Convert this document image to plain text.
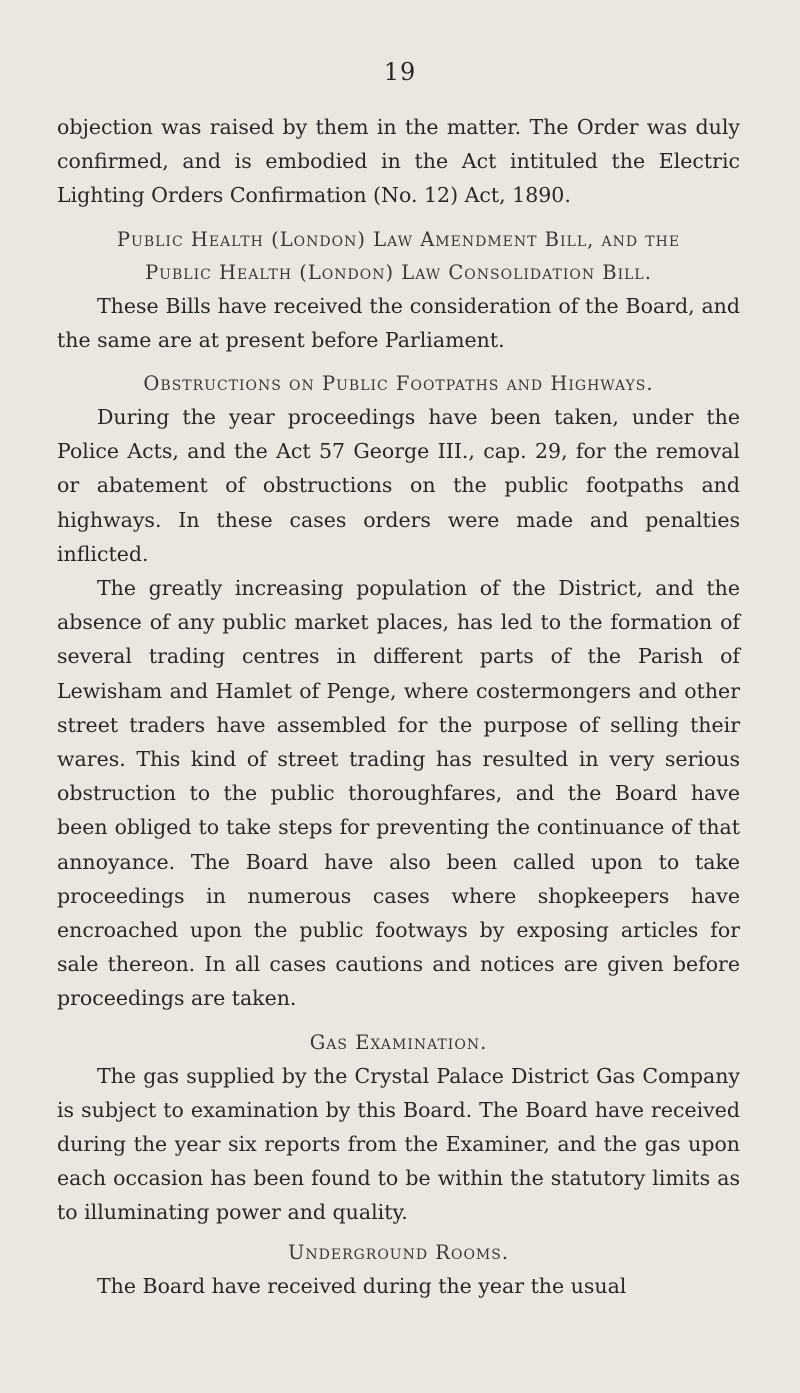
19

objection was raised by them in the matter. The Order was duly confirmed, and is embodied in the Act intituled the Electric Lighting Orders Confirmation (No. 12) Act, 1890.

Public Health (London) Law Amendment Bill, and the
Public Health (London) Law Consolidation Bill.

These Bills have received the consideration of the Board, and the same are at present before Parliament.

Obstructions on Public Footpaths and Highways.

During the year proceedings have been taken, under the Police Acts, and the Act 57 George III., cap. 29, for the removal or abatement of obstructions on the public footpaths and highways. In these cases orders were made and penalties inflicted.

The greatly increasing population of the District, and the absence of any public market places, has led to the formation of several trading centres in different parts of the Parish of Lewisham and Hamlet of Penge, where costermongers and other street traders have assembled for the purpose of selling their wares. This kind of street trading has resulted in very serious obstruction to the public thoroughfares, and the Board have been obliged to take steps for preventing the continuance of that annoyance. The Board have also been called upon to take proceedings in numerous cases where shopkeepers have encroached upon the public footways by exposing articles for sale thereon. In all cases cautions and notices are given before proceedings are taken.

Gas Examination.

The gas supplied by the Crystal Palace District Gas Company is subject to examination by this Board. The Board have received during the year six reports from the Examiner, and the gas upon each occasion has been found to be within the statutory limits as to illuminating power and quality.

Underground Rooms.

The Board have received during the year the usual
